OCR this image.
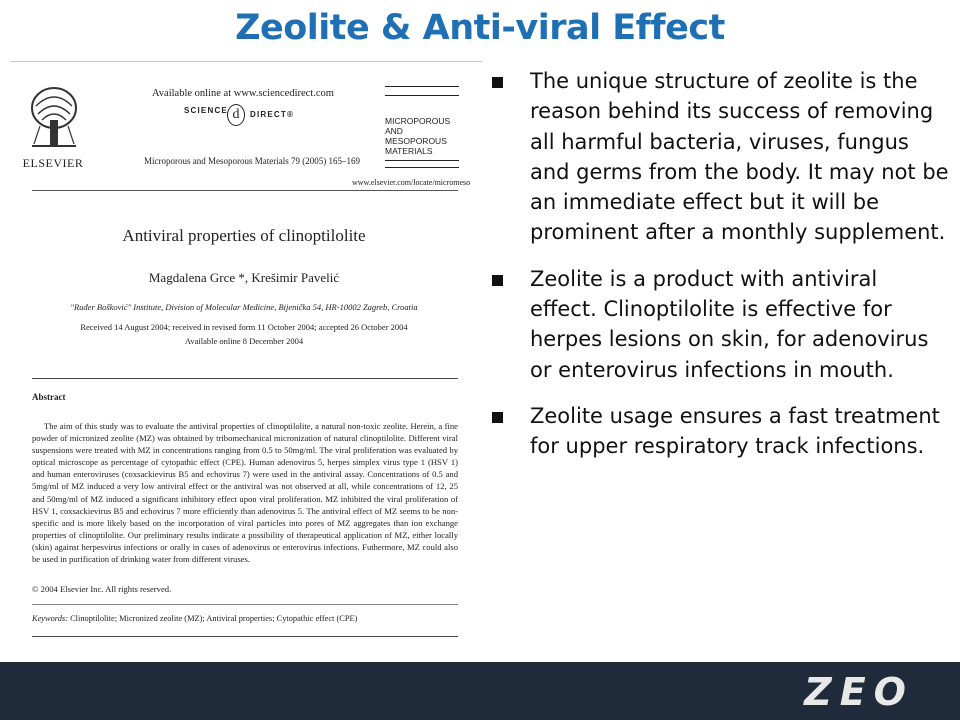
Zeolite & Anti-viral Effect
ELSEVIER
Available online at www.sciencedirect.com
SCIENCE d	DIRECT®
Microporous and Mesoporous Materials 79 (2005) 165–169
MICROPOROUS AND MESOPOROUS MATERIALS
www.elsevier.com/locate/micromeso
Antiviral properties of clinoptilolite
Magdalena Grce *, Krešimir Pavelić
"Ruđer Bošković" Institute, Division of Molecular Medicine, Bijenička 54, HR-10002 Zagreb, Croatia
Received 14 August 2004; received in revised form 11 October 2004; accepted 26 October 2004
Available online 8 December 2004
Abstract
The aim of this study was to evaluate the antiviral properties of clinoptilolite, a natural non-toxic zeolite. Herein, a fine powder of micronized zeolite (MZ) was obtained by tribomechanical micronization of natural clinoptilolite. Different viral suspensions were treated with MZ in concentrations ranging from 0.5 to 50mg/ml. The viral proliferation was evaluated by optical microscope as percentage of cytopathic effect (CPE). Human adenovirus 5, herpes simplex virus type 1 (HSV 1) and human enteroviruses (coxsackievirus B5 and echovirus 7) were used in the antiviral assay. Concentrations of 0.5 and 5mg/ml of MZ induced a very low antiviral effect or the antiviral was not observed at all, while concentrations of 12, 25 and 50mg/ml of MZ induced a significant inhibitory effect upon viral proliferation. MZ inhibited the viral proliferation of HSV 1, coxsackievirus B5 and echovirus 7 more efficiently than adenovirus 5. The antiviral effect of MZ seems to be non-specific and is more likely based on the incorporation of viral particles into pores of MZ aggregates than ion exchange properties of clinoptilolite. Our preliminary results indicate a possibility of therapeutical application of MZ, either locally (skin) against herpesvirus infections or orally in cases of adenovirus or enterovirus infections. Futhermore, MZ could also be used in purification of drinking water from different viruses.
© 2004 Elsevier Inc. All rights reserved.
Keywords: Clinoptilolite; Micronized zeolite (MZ); Antiviral properties; Cytopathic effect (CPE)
The unique structure of zeolite is the reason behind its success of removing all harmful bacteria, viruses, fungus and germs from the body. It may not be an immediate effect but it will be prominent after a monthly supplement.
Zeolite is a product with antiviral effect. Clinoptilolite is effective for herpes lesions on skin, for adenovirus or enterovirus infections in mouth.
Zeolite usage ensures a fast treatment for upper respiratory track infections.
ZEO
